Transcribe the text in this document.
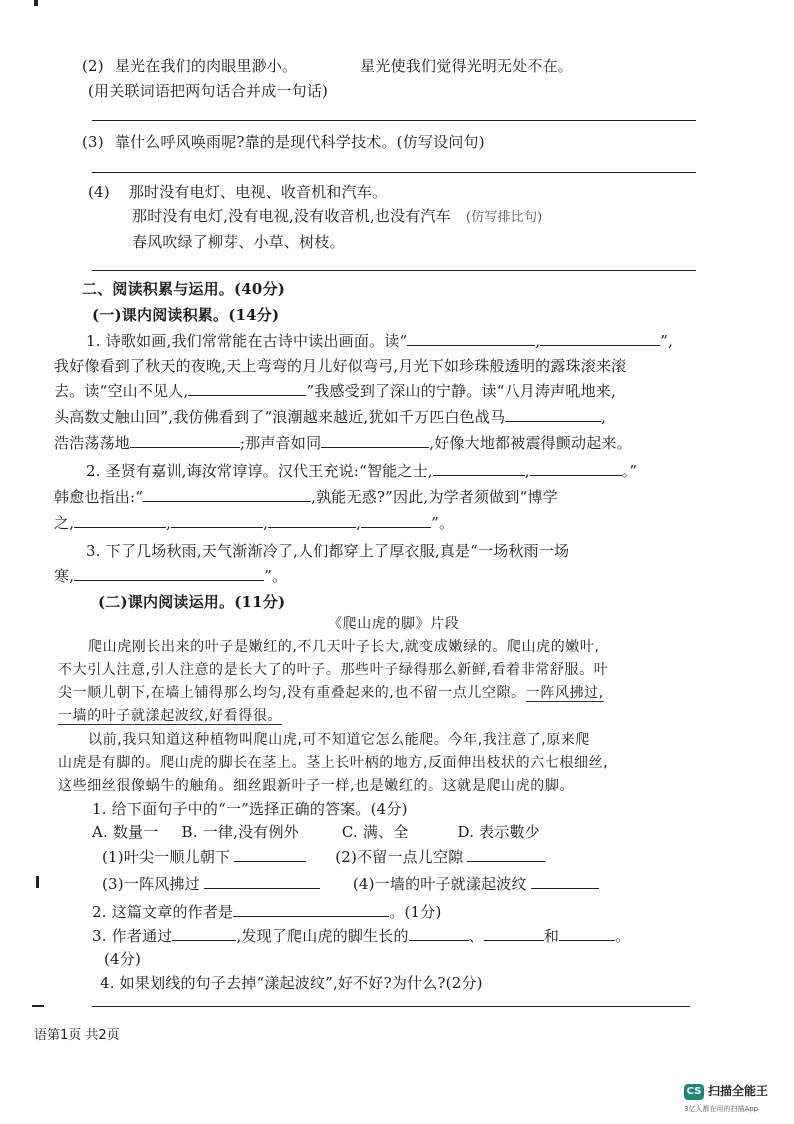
(2) 星光在我们的肉眼里渺小。	星光使我们觉得光明无处不在。
(用关联词语把两句话合并成一句话)
(3) 靠什么呼风唤雨呢?靠的是现代科学技术。(仿写设问句)
(4) 那时没有电灯、电视、收音机和汽车。
那时没有电灯,没有电视,没有收音机,也没有汽车 (仿写排比句)
春风吹绿了柳芽、小草、树枝。
二、阅读积累与运用。(40分)
(一)课内阅读积累。(14分)
1. 诗歌如画,我们常常能在古诗中读出画面。读“	,	”,
我好像看到了秋天的夜晚,天上弯弯的月儿好似弯弓,月光下如珍珠般透明的露珠滚来滚
去。读“空山不见人,	”我感受到了深山的宁静。读“八月涛声吼地来,
头高数丈触山回”,我仿佛看到了“浪潮越来越近,犹如千万匹白色战马	,
浩浩荡荡地	;那声音如同	,好像大地都被震得颤动起来。
2. 圣贤有嘉训,诲汝常谆谆。汉代王充说:“智能之士,	,	。”
韩愈也指出:“	,孰能无惑?”因此,为学者须做到“博学
之,	,	,	,	”。
3. 下了几场秋雨,天气渐渐冷了,人们都穿上了厚衣服,真是“一场秋雨一场
寒,	”。
(二)课内阅读运用。(11分)
《爬山虎的脚》片段
爬山虎刚长出来的叶子是嫩红的,不几天叶子长大,就变成嫩绿的。爬山虎的嫩叶,
不大引人注意,引人注意的是长大了的叶子。那些叶子绿得那么新鲜,看着非常舒服。叶
尖一顺儿朝下,在墙上铺得那么均匀,没有重叠起来的,也不留一点儿空隙。一阵风拂过,
一墙的叶子就漾起波纹,好看得很。
以前,我只知道这种植物叫爬山虎,可不知道它怎么能爬。今年,我注意了,原来爬
山虎是有脚的。爬山虎的脚长在茎上。茎上长叶柄的地方,反面伸出枝状的六七根细丝,
这些细丝很像蜗牛的触角。细丝跟新叶子一样,也是嫩红的。这就是爬山虎的脚。
1. 给下面句子中的“一”选择正确的答案。(4分)
A. 数量一 B. 一律,没有例外	C. 满、全	D. 表示數少
(1)叶尖一顺儿朝下	(2)不留一点儿空隙
(3)一阵风拂过	(4)一墙的叶子就漾起波纹
2. 这篇文章的作者是	。(1分)
3. 作者通过	,发现了爬山虎的脚生长的	、	和	。
(4分)
4. 如果划线的句子去掉“漾起波纹”,好不好?为什么?(2分)
语第1页 共2页
CS 扫描全能王
3亿人都在用的扫描App
